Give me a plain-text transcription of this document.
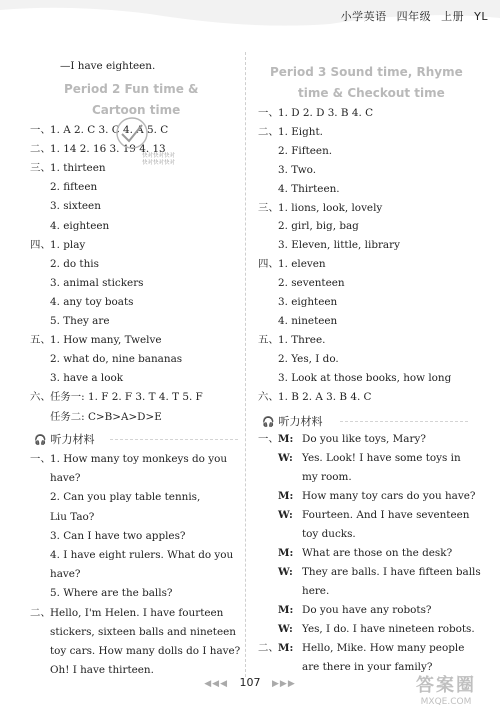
小学英语 四年级 上册 YL
—I have eighteen.
Period 2 Fun time &
Cartoon time
一、 1. A 2. C 3. C 4. A 5. C
二、 1. 14 2. 16 3. 19 4. 13
三、 1. thirteen
2. fifteen
3. sixteen
4. eighteen
四、 1. play
2. do this
3. animal stickers
4. any toy boats
5. They are
五、 1. How many, Twelve
2. what do, nine bananas
3. have a look
六、 任务一: 1. F 2. F 3. T 4. T 5. F
任务二: C>B>A>D>E
🎧 听力材料
一、 1. How many toy monkeys do you
have?
2. Can you play table tennis,
Liu Tao?
3. Can I have two apples?
4. I have eight rulers. What do you
have?
5. Where are the balls?
二、 Hello, I'm Helen. I have fourteen
stickers, sixteen balls and nineteen
toy cars. How many dolls do I have?
Oh! I have thirteen.
Period 3 Sound time, Rhyme
time & Checkout time
一、 1. D 2. D 3. B 4. C
二、 1. Eight.
2. Fifteen.
3. Two.
4. Thirteen.
三、 1. lions, look, lovely
2. girl, big, bag
3. Eleven, little, library
四、 1. eleven
2. seventeen
3. eighteen
4. nineteen
五、 1. Three.
2. Yes, I do.
3. Look at those books, how long
六、 1. B 2. A 3. B 4. C
🎧 听力材料
一、 M: Do you like toys, Mary?
W: Yes. Look! I have some toys in
my room.
M: How many toy cars do you have?
W: Fourteen. And I have seventeen
toy ducks.
M: What are those on the desk?
W: They are balls. I have fifteen balls
here.
M: Do you have any robots?
W: Yes, I do. I have nineteen robots.
二、 M: Hello, Mike. How many people
are there in your family?
快对快对快对
快对快对快对
◀◀◀ 107 ▶▶▶	答案圈
MXQE.COM
